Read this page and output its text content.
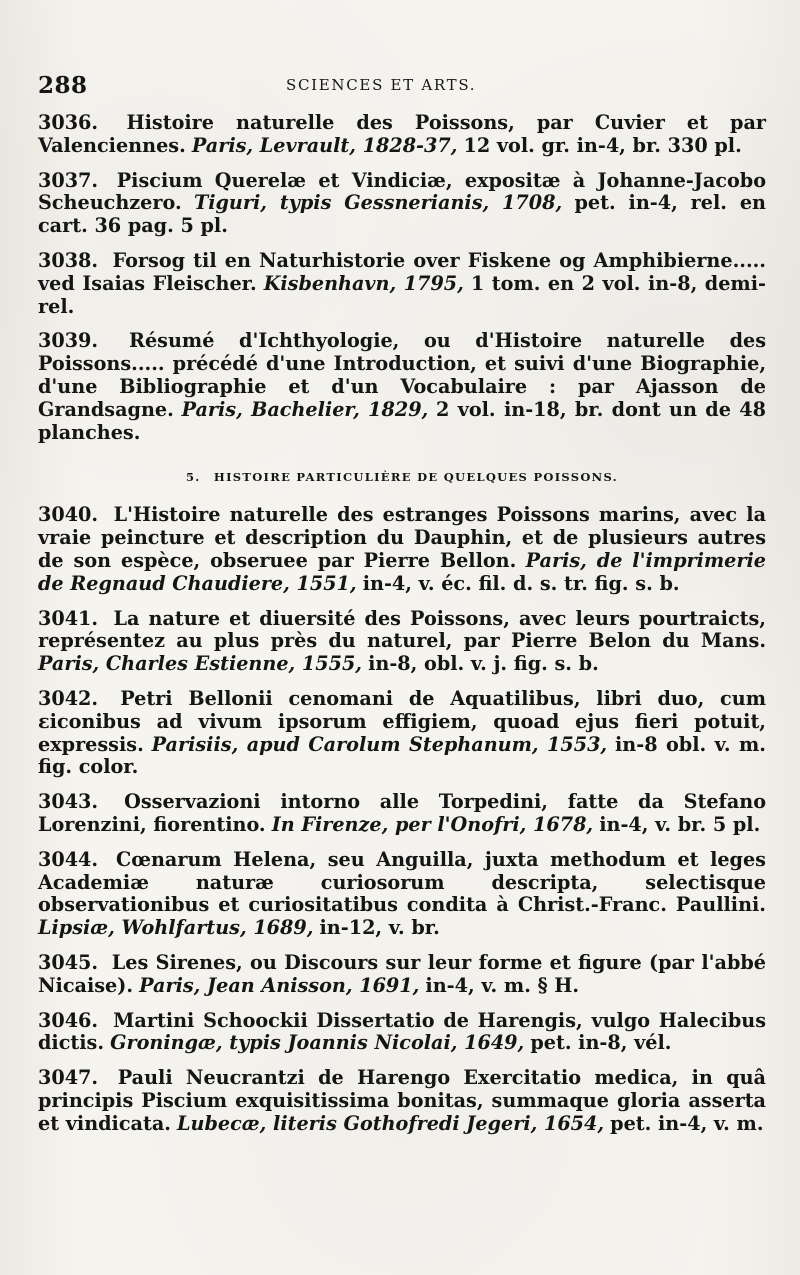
288	SCIENCES ET ARTS.

3036. Histoire naturelle des Poissons, par Cuvier et par Valenciennes. Paris, Levrault, 1828-37, 12 vol. gr. in-4, br. 330 pl.

3037. Piscium Querelæ et Vindiciæ, expositæ à Johanne-Jacobo Scheuchzero. Tiguri, typis Gessnerianis, 1708, pet. in-4, rel. en cart. 36 pag. 5 pl.

3038. Forsog til en Naturhistorie over Fiskene og Amphibierne..... ved Isaias Fleischer. Kisbenhavn, 1795, 1 tom. en 2 vol. in-8, demi-rel.

3039. Résumé d'Ichthyologie, ou d'Histoire naturelle des Poissons..... précédé d'une Introduction, et suivi d'une Biographie, d'une Bibliographie et d'un Vocabulaire : par Ajasson de Grandsagne. Paris, Bachelier, 1829, 2 vol. in-18, br. dont un de 48 planches.

5. HISTOIRE PARTICULIÈRE DE QUELQUES POISSONS.

3040. L'Histoire naturelle des estranges Poissons marins, avec la vraie peincture et description du Dauphin, et de plusieurs autres de son espèce, obseruee par Pierre Bellon. Paris, de l'imprimerie de Regnaud Chaudiere, 1551, in-4, v. éc. fil. d. s. tr. fig. s. b.

3041. La nature et diuersité des Poissons, avec leurs pourtraicts, représentez au plus près du naturel, par Pierre Belon du Mans. Paris, Charles Estienne, 1555, in-8, obl. v. j. fig. s. b.

3042. Petri Bellonii cenomani de Aquatilibus, libri duo, cum εiconibus ad vivum ipsorum effigiem, quoad ejus fieri potuit, expressis. Parisiis, apud Carolum Stephanum, 1553, in-8 obl. v. m. fig. color.

3043. Osservazioni intorno alle Torpedini, fatte da Stefano Lorenzini, fiorentino. In Firenze, per l'Onofri, 1678, in-4, v. br. 5 pl.

3044. Cœnarum Helena, seu Anguilla, juxta methodum et leges Academiæ naturæ curiosorum descripta, selectisque observationibus et curiositatibus condita à Christ.-Franc. Paullini. Lipsiæ, Wohlfartus, 1689, in-12, v. br.

3045. Les Sirenes, ou Discours sur leur forme et figure (par l'abbé Nicaise). Paris, Jean Anisson, 1691, in-4, v. m. § H.

3046. Martini Schoockii Dissertatio de Harengis, vulgo Halecibus dictis. Groningæ, typis Joannis Nicolai, 1649, pet. in-8, vél.

3047. Pauli Neucrantzi de Harengo Exercitatio medica, in quâ principis Piscium exquisitissima bonitas, summaque gloria asserta et vindicata. Lubecæ, literis Gothofredi Jegeri, 1654, pet. in-4, v. m.
